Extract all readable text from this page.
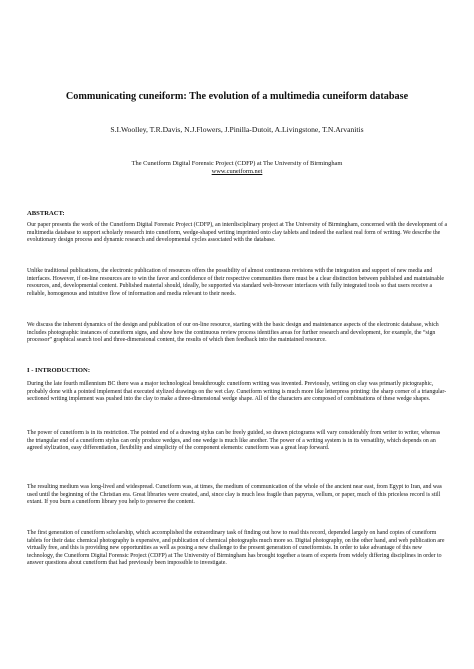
Communicating cuneiform: The evolution of a multimedia cuneiform database

S.I.Woolley, T.R.Davis, N.J.Flowers, J.Pinilla-Dutoit, A.Livingstone, T.N.Arvanitis

The Cuneiform Digital Forensic Project (CDFP) at The University of Birmingham
www.cuneiform.net
ABSTRACT:

Our paper presents the work of the Cuneiform Digital Forensic Project (CDFP), an interdisciplinary project at The University of Birmingham, concerned with the development of a multimedia database to support scholarly research into cuneiform, wedge-shaped writing imprinted onto clay tablets and indeed the earliest real form of writing. We describe the evolutionary design process and dynamic research and developmental cycles associated with the database.

Unlike traditional publications, the electronic publication of resources offers the possibility of almost continuous revisions with the integration and support of new media and interfaces. However, if on-line resources are to win the favor and confidence of their respective communities there must be a clear distinction between published and maintainable resources, and, developmental content. Published material should, ideally, be supported via standard web-browser interfaces with fully integrated tools so that users receive a reliable, homogenous and intuitive flow of information and media relevant to their needs.

We discuss the inherent dynamics of the design and publication of our on-line resource, starting with the basic design and maintenance aspects of the electronic database, which includes photographic instances of cuneiform signs, and show how the continuous review process identifies areas for further research and development, for example, the “sign processor” graphical search tool and three-dimensional content, the results of which then feedback into the maintained resource.

I - INTRODUCTION:

During the late fourth millennium BC there was a major technological breakthrough: cuneiform writing was invented. Previously, writing on clay was primarily pictographic, probably done with a pointed implement that executed stylized drawings on the wet clay. Cuneiform writing is much more like letterpress printing: the sharp corner of a triangular-sectioned writing implement was pushed into the clay to make a three-dimensional wedge shape. All of the characters are composed of combinations of these wedge shapes.

The power of cuneiform is in its restriction. The pointed end of a drawing stylus can be freely guided, so drawn pictograms will vary considerably from writer to writer, whereas the triangular end of a cuneiform stylus can only produce wedges, and one wedge is much like another. The power of a writing system is in its versatility, which depends on an agreed stylization, easy differentiation, flexibility and simplicity of the component elements: cuneiform was a great leap forward.

The resulting medium was long-lived and widespread. Cuneiform was, at times, the medium of communication of the whole of the ancient near east, from Egypt to Iran, and was used until the beginning of the Christian era. Great libraries were created, and, since clay is much less fragile than papyrus, vellum, or paper, much of this priceless record is still extant. If you burn a cuneiform library you help to preserve the content.

The first generation of cuneiform scholarship, which accomplished the extraordinary task of finding out how to read this record, depended largely on hand copies of cuneiform tablets for their data: chemical photography is expensive, and publication of chemical photographs much more so. Digital photography, on the other hand, and web publication are virtually free, and this is providing new opportunities as well as posing a new challenge to the present generation of cuneiformists. In order to take advantage of this new technology, the Cuneiform Digital Forensic Project (CDFP) at The University of Birmingham has brought together a team of experts from widely differing disciplines in order to answer questions about cuneiform that had previously been impossible to investigate.
